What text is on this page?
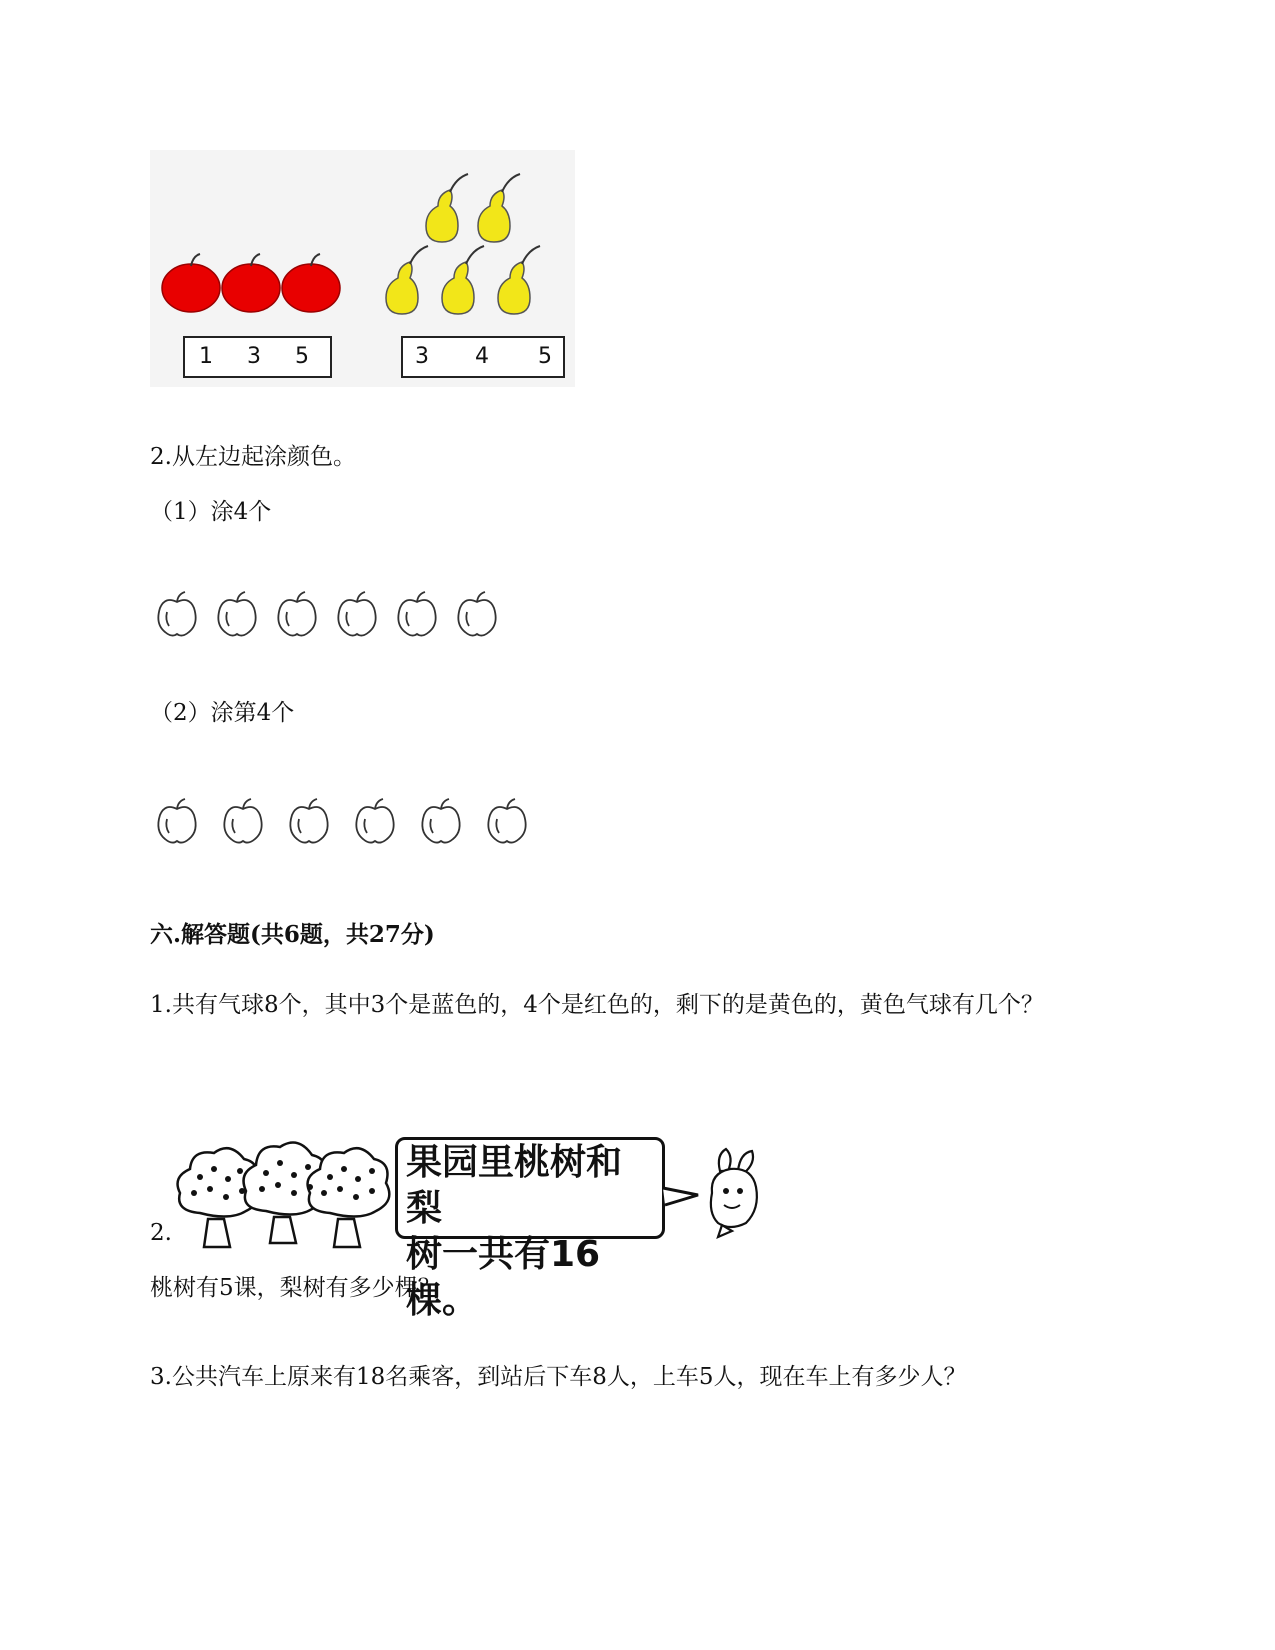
1 3 5	3 4 5
2.从左边起涂颜色。
（1）涂4个
（2）涂第4个
六.解答题(共6题，共27分)
1.共有气球8个，其中3个是蓝色的，4个是红色的，剩下的是黄色的，黄色气球有几个？
果园里桃树和梨
树一共有16棵。
2.
桃树有5课，梨树有多少棵？
3.公共汽车上原来有18名乘客，到站后下车8人，上车5人，现在车上有多少人？
